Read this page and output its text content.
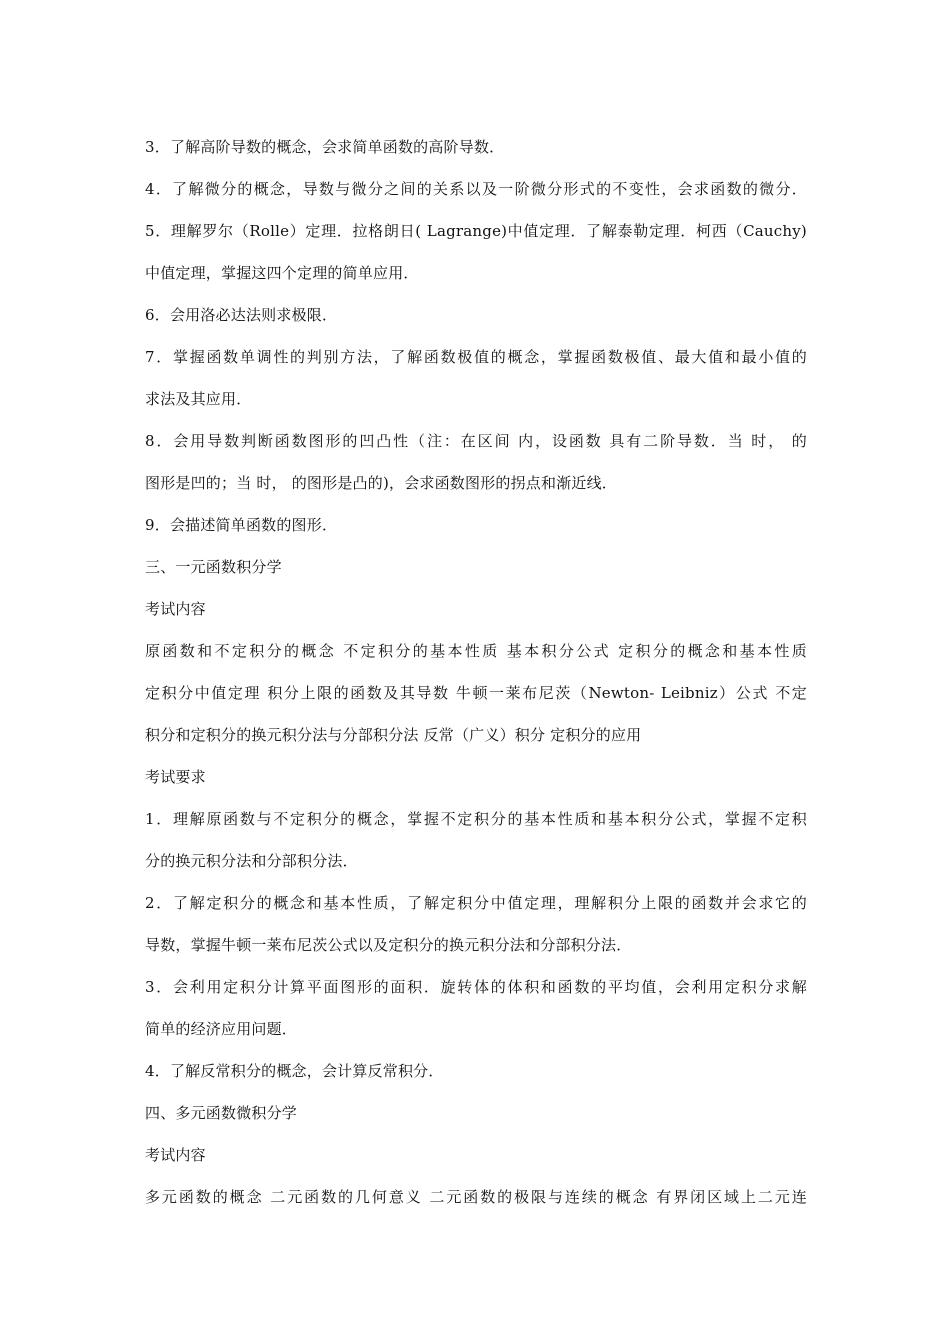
3．了解高阶导数的概念，会求简单函数的高阶导数．
4．了解微分的概念，导数与微分之间的关系以及一阶微分形式的不变性，会求函数的微分．
5．理解罗尔（Rolle）定理．拉格朗日( Lagrange)中值定理．了解泰勒定理．柯西（Cauchy)
中值定理，掌握这四个定理的简单应用．
6．会用洛必达法则求极限．
7．掌握函数单调性的判别方法，了解函数极值的概念，掌握函数极值、最大值和最小值的
求法及其应用．
8．会用导数判断函数图形的凹凸性（注：在区间 内，设函数 具有二阶导数．当 时， 的
图形是凹的；当 时， 的图形是凸的)，会求函数图形的拐点和渐近线．
9．会描述简单函数的图形．
三、一元函数积分学
考试内容
原函数和不定积分的概念 不定积分的基本性质 基本积分公式 定积分的概念和基本性质
定积分中值定理 积分上限的函数及其导数 牛顿一莱布尼茨（Newton- Leibniz）公式 不定
积分和定积分的换元积分法与分部积分法 反常（广义）积分 定积分的应用
考试要求
1．理解原函数与不定积分的概念，掌握不定积分的基本性质和基本积分公式，掌握不定积
分的换元积分法和分部积分法．
2．了解定积分的概念和基本性质，了解定积分中值定理，理解积分上限的函数并会求它的
导数，掌握牛顿一莱布尼茨公式以及定积分的换元积分法和分部积分法．
3．会利用定积分计算平面图形的面积．旋转体的体积和函数的平均值，会利用定积分求解
简单的经济应用问题．
4．了解反常积分的概念，会计算反常积分．
四、多元函数微积分学
考试内容
多元函数的概念 二元函数的几何意义 二元函数的极限与连续的概念 有界闭区域上二元连
